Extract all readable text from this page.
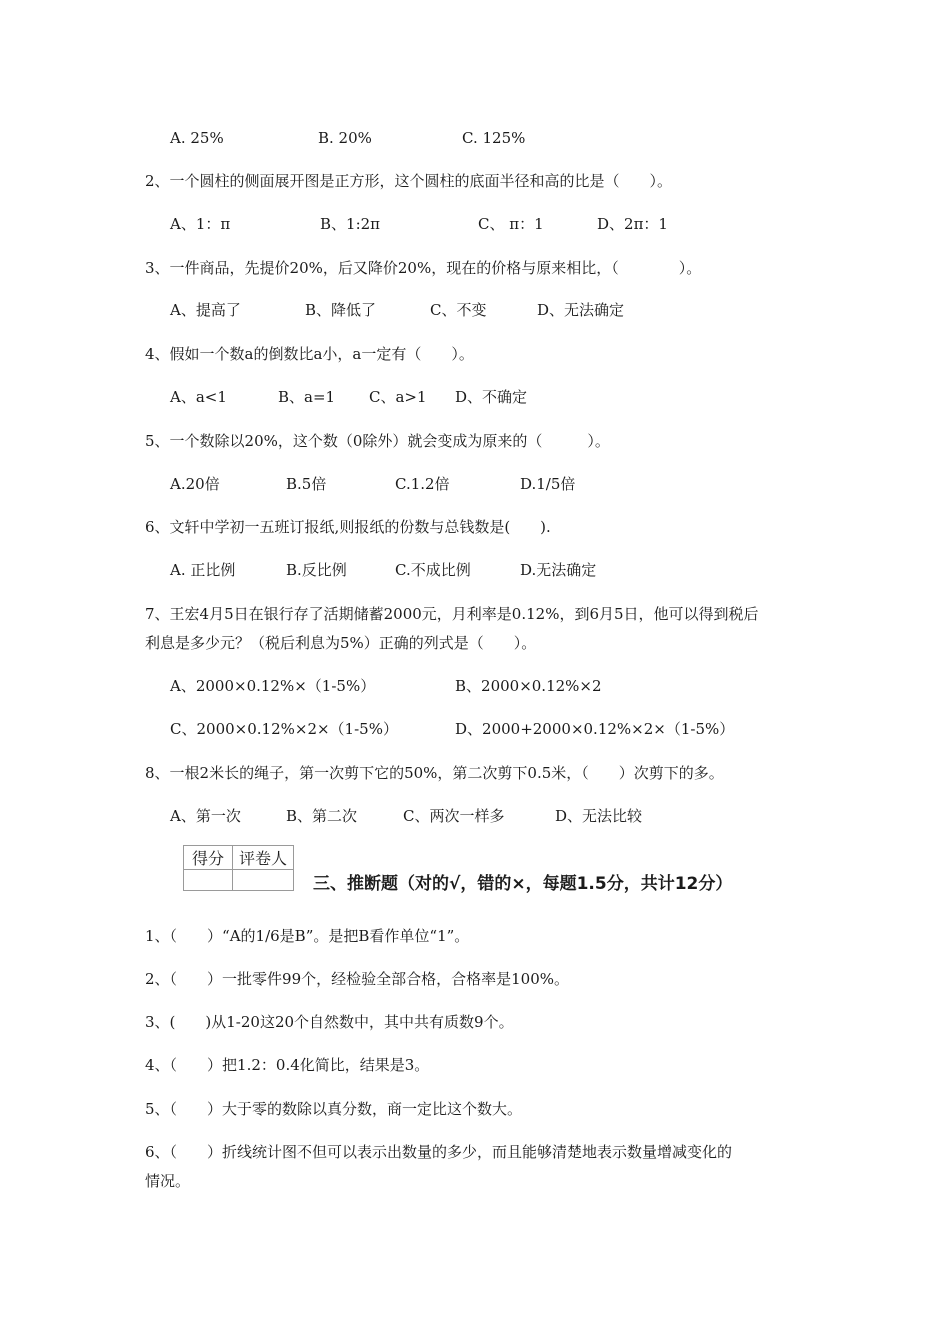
A. 25%	B. 20%	C. 125%
2、一个圆柱的侧面展开图是正方形，这个圆柱的底面半径和高的比是（　　）。
A、1：π	B、1:2π	C、 π：1	D、2π：1
3、一件商品，先提价20%，后又降价20%，现在的价格与原来相比，（　　　　）。
A、提高了	B、降低了	C、不变	D、无法确定
4、假如一个数a的倒数比a小，a一定有（　　）。
A、a<1	B、a=1 C、a>1 D、不确定
5、一个数除以20%，这个数（0除外）就会变成为原来的（　　　）。
A.20倍	B.5倍	C.1.2倍	D.1/5倍
6、文轩中学初一五班订报纸,则报纸的份数与总钱数是(　　).
A. 正比例	B.反比例	C.不成比例	D.无法确定
7、王宏4月5日在银行存了活期储蓄2000元，月利率是0.12%，到6月5日，他可以得到税后
利息是多少元？（税后利息为5%）正确的列式是（　　）。
A、2000×0.12%×（1-5%）	B、2000×0.12%×2
C、2000×0.12%×2×（1-5%）	D、2000+2000×0.12%×2×（1-5%）
8、一根2米长的绳子，第一次剪下它的50%，第二次剪下0.5米，（　　）次剪下的多。
A、第一次	B、第二次	C、两次一样多	D、无法比较
得分	评卷人

三、推断题（对的√，错的×，每题1.5分，共计12分）
1、（　　）“A的1/6是B”。是把B看作单位“1”。
2、（　　）一批零件99个，经检验全部合格，合格率是100%。
3、(　　)从1-20这20个自然数中，其中共有质数9个。
4、（　　）把1.2：0.4化简比，结果是3。
5、（　　）大于零的数除以真分数，商一定比这个数大。
6、（　　）折线统计图不但可以表示出数量的多少，而且能够清楚地表示数量增减变化的
情况。
